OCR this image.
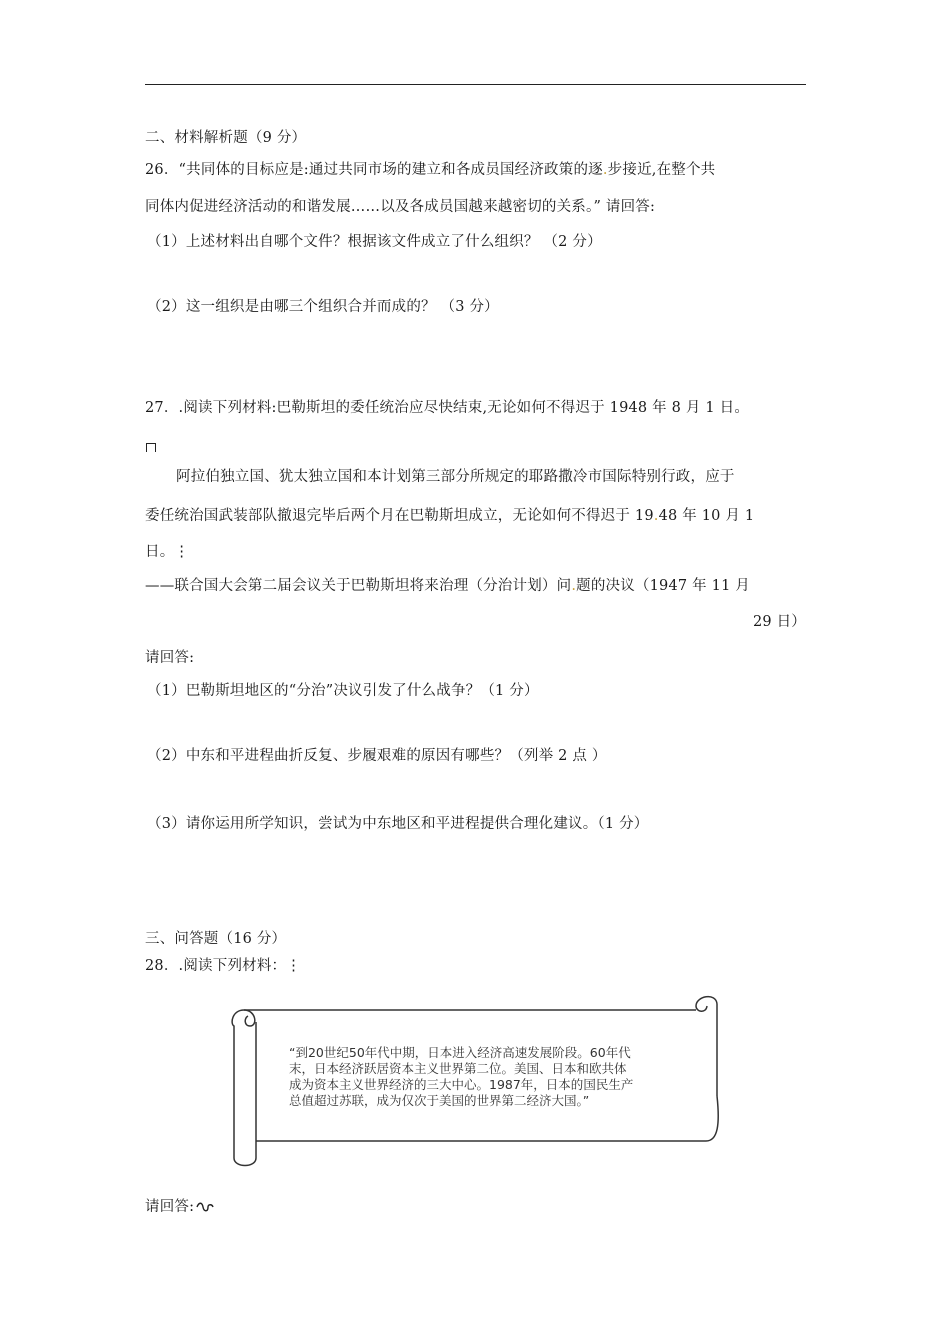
二、材料解析题（9 分）
26．“共同体的目标应是:通过共同市场的建立和各成员国经济政策的逐.步接近,在整个共
同体内促进经济活动的和谐发展……以及各成员国越来越密切的关系。” 请回答:
（1）上述材料出自哪个文件？根据该文件成立了什么组织？ （2 分）
（2）这一组织是由哪三个组织合并而成的？ （3 分）
27．.阅读下列材料:巴勒斯坦的委任统治应尽快结束,无论如何不得迟于 1948 年 8 月 1 日。
阿拉伯独立国、犹太独立国和本计划第三部分所规定的耶路撒冷市国际特别行政，应于
委任统治国武装部队撤退完毕后两个月在巴勒斯坦成立，无论如何不得迟于 19.48 年 10 月 1
日。⋮
——联合国大会第二届会议关于巴勒斯坦将来治理（分治计划）问.题的决议（1947 年 11 月
29 日）
请回答:
（1）巴勒斯坦地区的“分治”决议引发了什么战争？（1 分）
（2）中东和平进程曲折反复、步履艰难的原因有哪些？（列举 2 点 ）
（3）请你运用所学知识，尝试为中东地区和平进程提供合理化建议。（1 分）
三、问答题（16 分）
28．.阅读下列材料：⋮
“到20世纪50年代中期，日本进入经济高速发展阶段。60年代
末，日本经济跃居资本主义世界第二位。美国、日本和欧共体
成为资本主义世界经济的三大中心。1987年，日本的国民生产
总值超过苏联，成为仅次于美国的世界第二经济大国。”
请回答:
